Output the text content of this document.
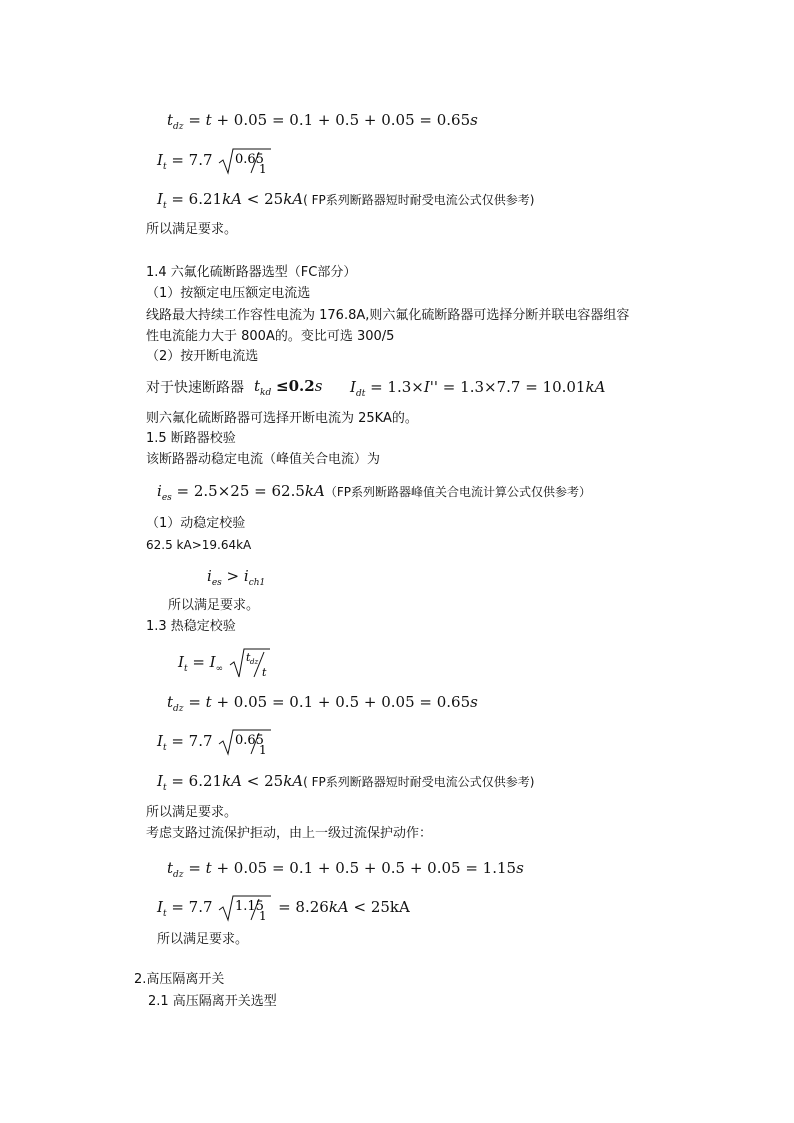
$t_{dz} = t + 0.05 = 0.1 + 0.5 + 0.05 = 0.65s$
$I_t = 7.7$ 0.65
1
$I_t = 6.21kA < 25kA$( FP系列断路器短时耐受电流公式仅供参考)
所以满足要求。
1.4 六氟化硫断路器选型（FC部分）
（1）按额定电压额定电流选
线路最大持续工作容性电流为 176.8A,则六氟化硫断路器可选择分断并联电容器组容
性电流能力大于 800A的。变比可选 300/5
（2）按开断电流选
对于快速断路器 $t_{kd} \le 0.2s$ $I_{dt} = 1.3\times I'' = 1.3\times 7.7 = 10.01kA$
则六氟化硫断路器可选择开断电流为 25KA的。
1.5 断路器校验
该断路器动稳定电流（峰值关合电流）为
$i_{es} = 2.5\times 25 = 62.5kA(FP$系列断路器峰值关合电流计算公式仅供参考）
（1）动稳定校验
62.5 kA>19.64kA
$i_{es} > i_{ch1}$
所以满足要求。
1.3 热稳定校验
$I_t = I_\infty$
t dz
t
$t_{dz} = t + 0.05 = 0.1 + 0.5 + 0.05 = 0.65s$
$I_t = 7.7$ 0.65
1
$I_t = 6.21kA < 25kA$( FP系列断路器短时耐受电流公式仅供参考)
所以满足要求。
考虑支路过流保护拒动，由上一级过流保护动作：
$t_{dz} = t + 0.05 = 0.1 + 0.5 + 0.5 + 0.05 = 1.15s$
$I_t = 7.7$ 1.15
1 = 8.26kA < 25kA
所以满足要求。
2.高压隔离开关
2.1 高压隔离开关选型
